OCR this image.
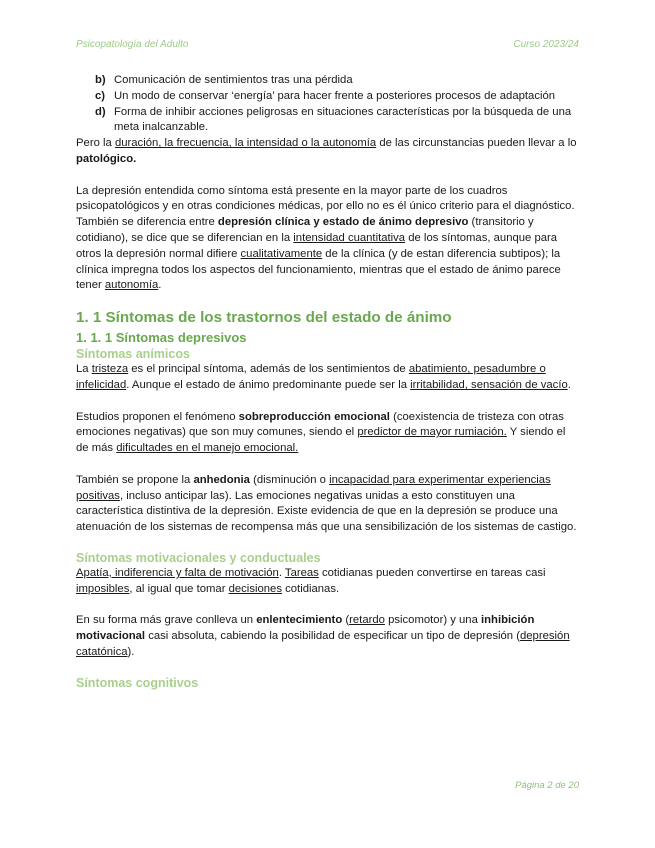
Psicopatología del Adulto	Curso 2023/24
b) Comunicación de sentimientos tras una pérdida
c) Un modo de conservar ‘energía’ para hacer frente a posteriores procesos de adaptación
d) Forma de inhibir acciones peligrosas en situaciones características por la búsqueda de una meta inalcanzable.

Pero la duración, la frecuencia, la intensidad o la autonomía de las circunstancias pueden llevar a lo patológico.

La depresión entendida como síntoma está presente en la mayor parte de los cuadros psicopatológicos y en otras condiciones médicas, por ello no es él único criterio para el diagnóstico.

También se diferencia entre depresión clínica y estado de ánimo depresivo (transitorio y cotidiano), se dice que se diferencian en la intensidad cuantitativa de los síntomas, aunque para otros la depresión normal difiere cualitativamente de la clínica (y de estan diferencia subtipos); la clínica impregna todos los aspectos del funcionamiento, mientras que el estado de ánimo parece tener autonomía.

1. 1 Síntomas de los trastornos del estado de ánimo
1. 1. 1 Síntomas depresivos
Síntomas anímicos

La tristeza es el principal síntoma, además de los sentimientos de abatimiento, pesadumbre o infelicidad. Aunque el estado de ánimo predominante puede ser la irritabilidad, sensación de vacío.

Estudios proponen el fenómeno sobreproducción emocional (coexistencia de tristeza con otras emociones negativas) que son muy comunes, siendo el predictor de mayor rumiación. Y siendo el de más dificultades en el manejo emocional.

También se propone la anhedonia (disminución o incapacidad para experimentar experiencias positivas, incluso anticipar las). Las emociones negativas unidas a esto constituyen una característica distintiva de la depresión. Existe evidencia de que en la depresión se produce una atenuación de los sistemas de recompensa más que una sensibilización de los sistemas de castigo.

Síntomas motivacionales y conductuales

Apatía, indiferencia y falta de motivación. Tareas cotidianas pueden convertirse en tareas casi imposibles, al igual que tomar decisiones cotidianas.

En su forma más grave conlleva un enlentecimiento (retardo psicomotor) y una inhibición motivacional casi absoluta, cabiendo la posibilidad de especificar un tipo de depresión (depresión catatónica).

Síntomas cognitivos
Página 2 de 20
